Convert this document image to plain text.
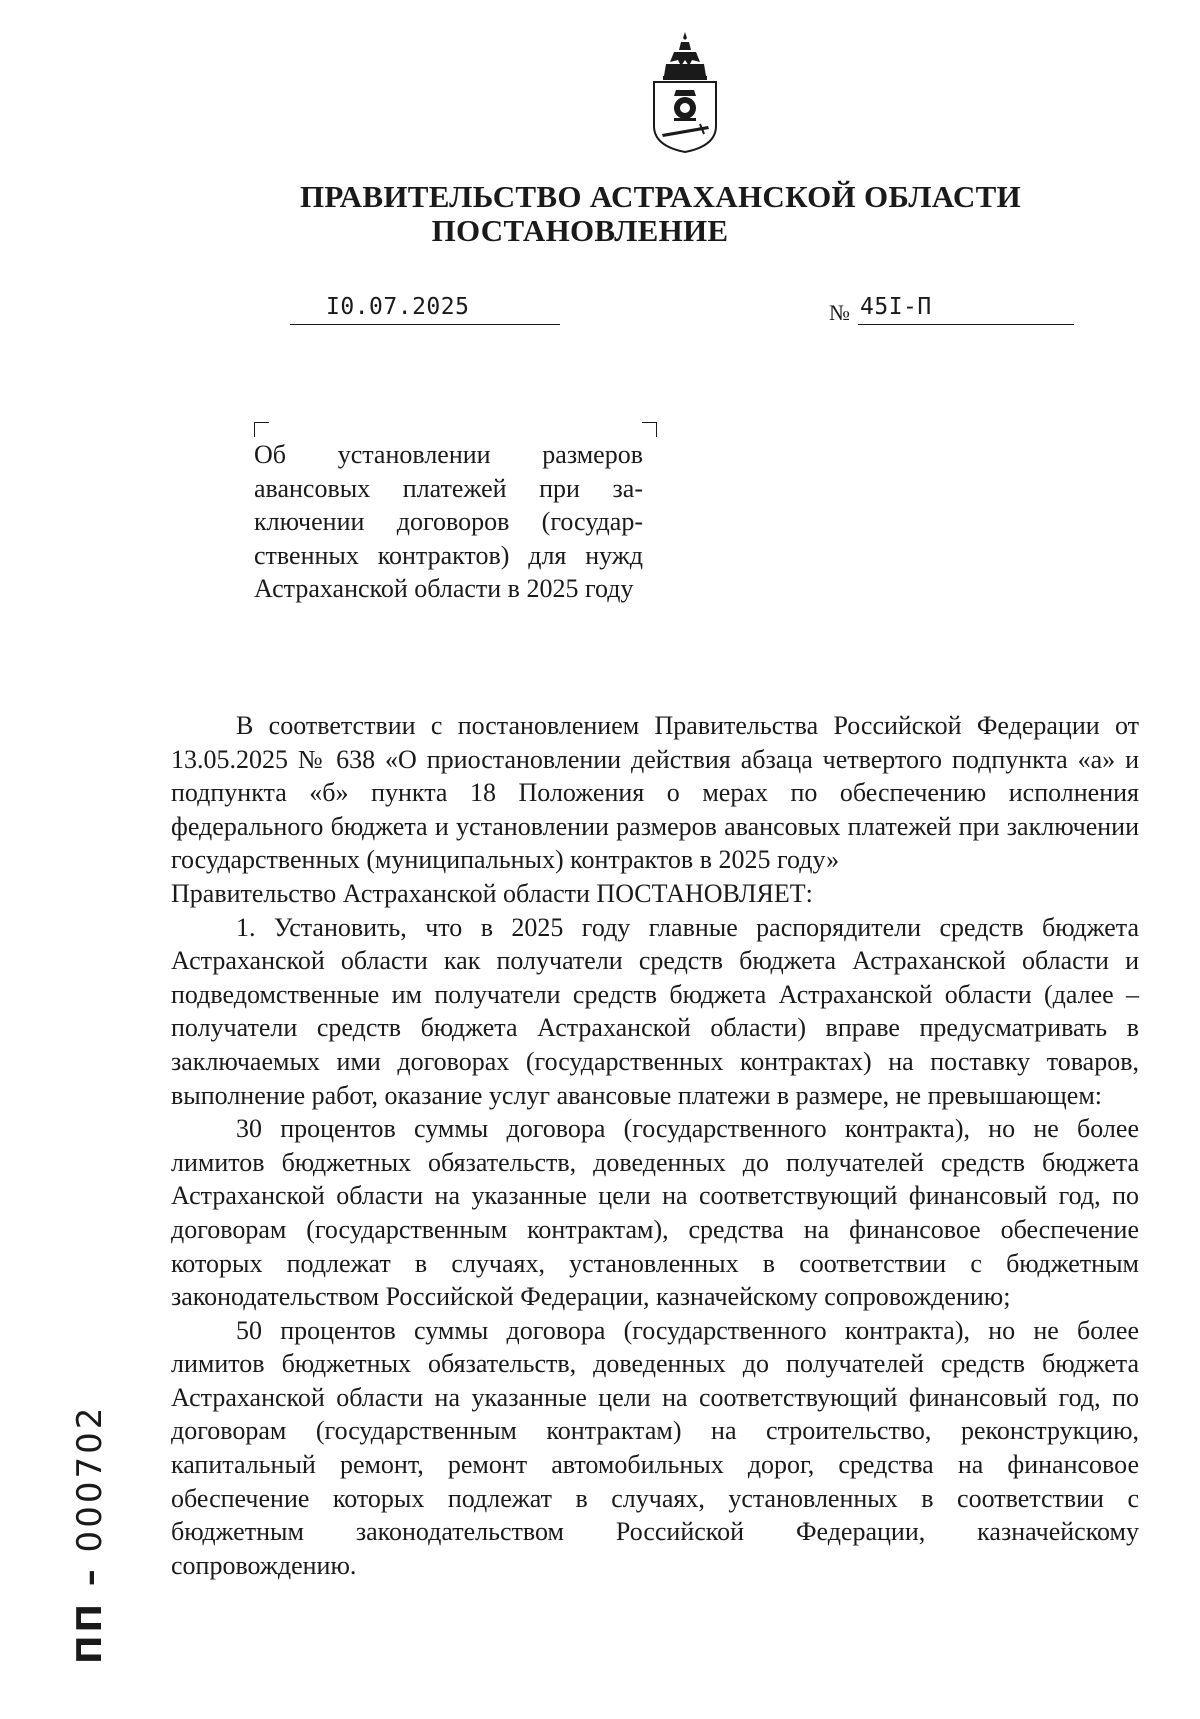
ПРАВИТЕЛЬСТВО АСТРАХАНСКОЙ ОБЛАСТИ
ПОСТАНОВЛЕНИЕ
I0.07.2025	№ 45I-П
Об установлении размеров авансовых платежей при заключении договоров (государственных контрактов) для нужд Астраханской области в 2025 году

В соответствии с постановлением Правительства Российской Федерации от 13.05.2025 № 638 «О приостановлении действия абзаца четвертого подпункта «а» и подпункта «б» пункта 18 Положения о мерах по обеспечению исполнения федерального бюджета и установлении размеров авансовых платежей при заключении государственных (муниципальных) контрактов в 2025 году»

Правительство Астраханской области ПОСТАНОВЛЯЕТ:

1. Установить, что в 2025 году главные распорядители средств бюджета Астраханской области как получатели средств бюджета Астраханской области и подведомственные им получатели средств бюджета Астраханской области (далее – получатели средств бюджета Астраханской области) вправе предусматривать в заключаемых ими договорах (государственных контрактах) на поставку товаров, выполнение работ, оказание услуг авансовые платежи в размере, не превышающем:

30 процентов суммы договора (государственного контракта), но не более лимитов бюджетных обязательств, доведенных до получателей средств бюджета Астраханской области на указанные цели на соответствующий финансовый год, по договорам (государственным контрактам), средства на финансовое обеспечение которых подлежат в случаях, установленных в соответствии с бюджетным законодательством Российской Федерации, казначейскому сопровождению;

50 процентов суммы договора (государственного контракта), но не более лимитов бюджетных обязательств, доведенных до получателей средств бюджета Астраханской области на указанные цели на соответствующий финансовый год, по договорам (государственным контрактам) на строительство, реконструкцию, капитальный ремонт, ремонт автомобильных дорог, средства на финансовое обеспечение которых подлежат в случаях, установленных в соответствии с бюджетным законодательством Российской Федерации, казначейскому сопровождению.

ПП – 000702
